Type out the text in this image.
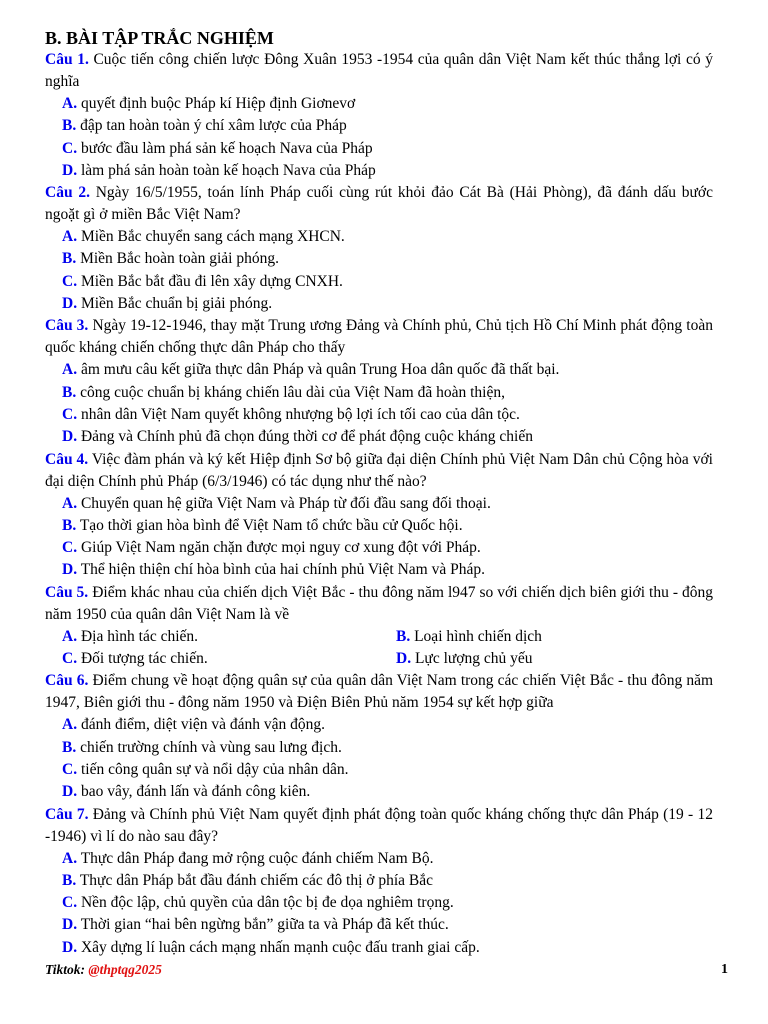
B. BÀI TẬP TRẮC NGHIỆM
Câu 1. Cuộc tiến công chiến lược Đông Xuân 1953 -1954 của quân dân Việt Nam kết thúc thắng lợi có ý nghĩa
A. quyết định buộc Pháp kí Hiệp định Giơnevơ
B. đập tan hoàn toàn ý chí xâm lược của Pháp
C. bước đầu làm phá sản kế hoạch Nava của Pháp
D. làm phá sản hoàn toàn kế hoạch Nava của Pháp
Câu 2. Ngày 16/5/1955, toán lính Pháp cuối cùng rút khỏi đảo Cát Bà (Hải Phòng), đã đánh dấu bước ngoặt gì ở miền Bắc Việt Nam?
A. Miền Bắc chuyển sang cách mạng XHCN.
B. Miền Bắc hoàn toàn giải phóng.
C. Miền Bắc bắt đầu đi lên xây dựng CNXH.
D. Miền Bắc chuẩn bị giải phóng.
Câu 3. Ngày 19-12-1946, thay mặt Trung ương Đảng và Chính phủ, Chủ tịch Hồ Chí Minh phát động toàn quốc kháng chiến chống thực dân Pháp cho thấy
A. âm mưu câu kết giữa thực dân Pháp và quân Trung Hoa dân quốc đã thất bại.
B. công cuộc chuẩn bị kháng chiến lâu dài của Việt Nam đã hoàn thiện,
C. nhân dân Việt Nam quyết không nhượng bộ lợi ích tối cao của dân tộc.
D. Đảng và Chính phủ đã chọn đúng thời cơ để phát động cuộc kháng chiến
Câu 4. Việc đàm phán và ký kết Hiệp định Sơ bộ giữa đại diện Chính phủ Việt Nam Dân chủ Cộng hòa với đại diện Chính phủ Pháp (6/3/1946) có tác dụng như thế nào?
A. Chuyển quan hệ giữa Việt Nam và Pháp từ đối đầu sang đối thoại.
B. Tạo thời gian hòa bình để Việt Nam tổ chức bầu cử Quốc hội.
C. Giúp Việt Nam ngăn chặn được mọi nguy cơ xung đột với Pháp.
D. Thể hiện thiện chí hòa bình của hai chính phủ Việt Nam và Pháp.
Câu 5. Điểm khác nhau của chiến dịch Việt Bắc - thu đông năm l947 so với chiến dịch biên giới thu - đông năm 1950 của quân dân Việt Nam là về
A. Địa hình tác chiến.	B. Loại hình chiến dịch
C. Đối tượng tác chiến.	D. Lực lượng chủ yếu
Câu 6. Điểm chung về hoạt động quân sự của quân dân Việt Nam trong các chiến Việt Bắc - thu đông năm 1947, Biên giới thu - đông năm 1950 và Điện Biên Phủ năm 1954 sự kết hợp giữa
A. đánh điểm, diệt viện và đánh vận động.
B. chiến trường chính và vùng sau lưng địch.
C. tiến công quân sự và nổi dậy của nhân dân.
D. bao vây, đánh lấn và đánh công kiên.
Câu 7. Đảng và Chính phủ Việt Nam quyết định phát động toàn quốc kháng chống thực dân Pháp (19 - 12 -1946) vì lí do nào sau đây?
A. Thực dân Pháp đang mở rộng cuộc đánh chiếm Nam Bộ.
B. Thực dân Pháp bắt đầu đánh chiếm các đô thị ở phía Bắc
C. Nền độc lập, chủ quyền của dân tộc bị đe dọa nghiêm trọng.
D. Thời gian “hai bên ngừng bắn” giữa ta và Pháp đã kết thúc.
D. Xây dựng lí luận cách mạng nhấn mạnh cuộc đấu tranh giai cấp.
Tiktok: @thptqg2025	1
